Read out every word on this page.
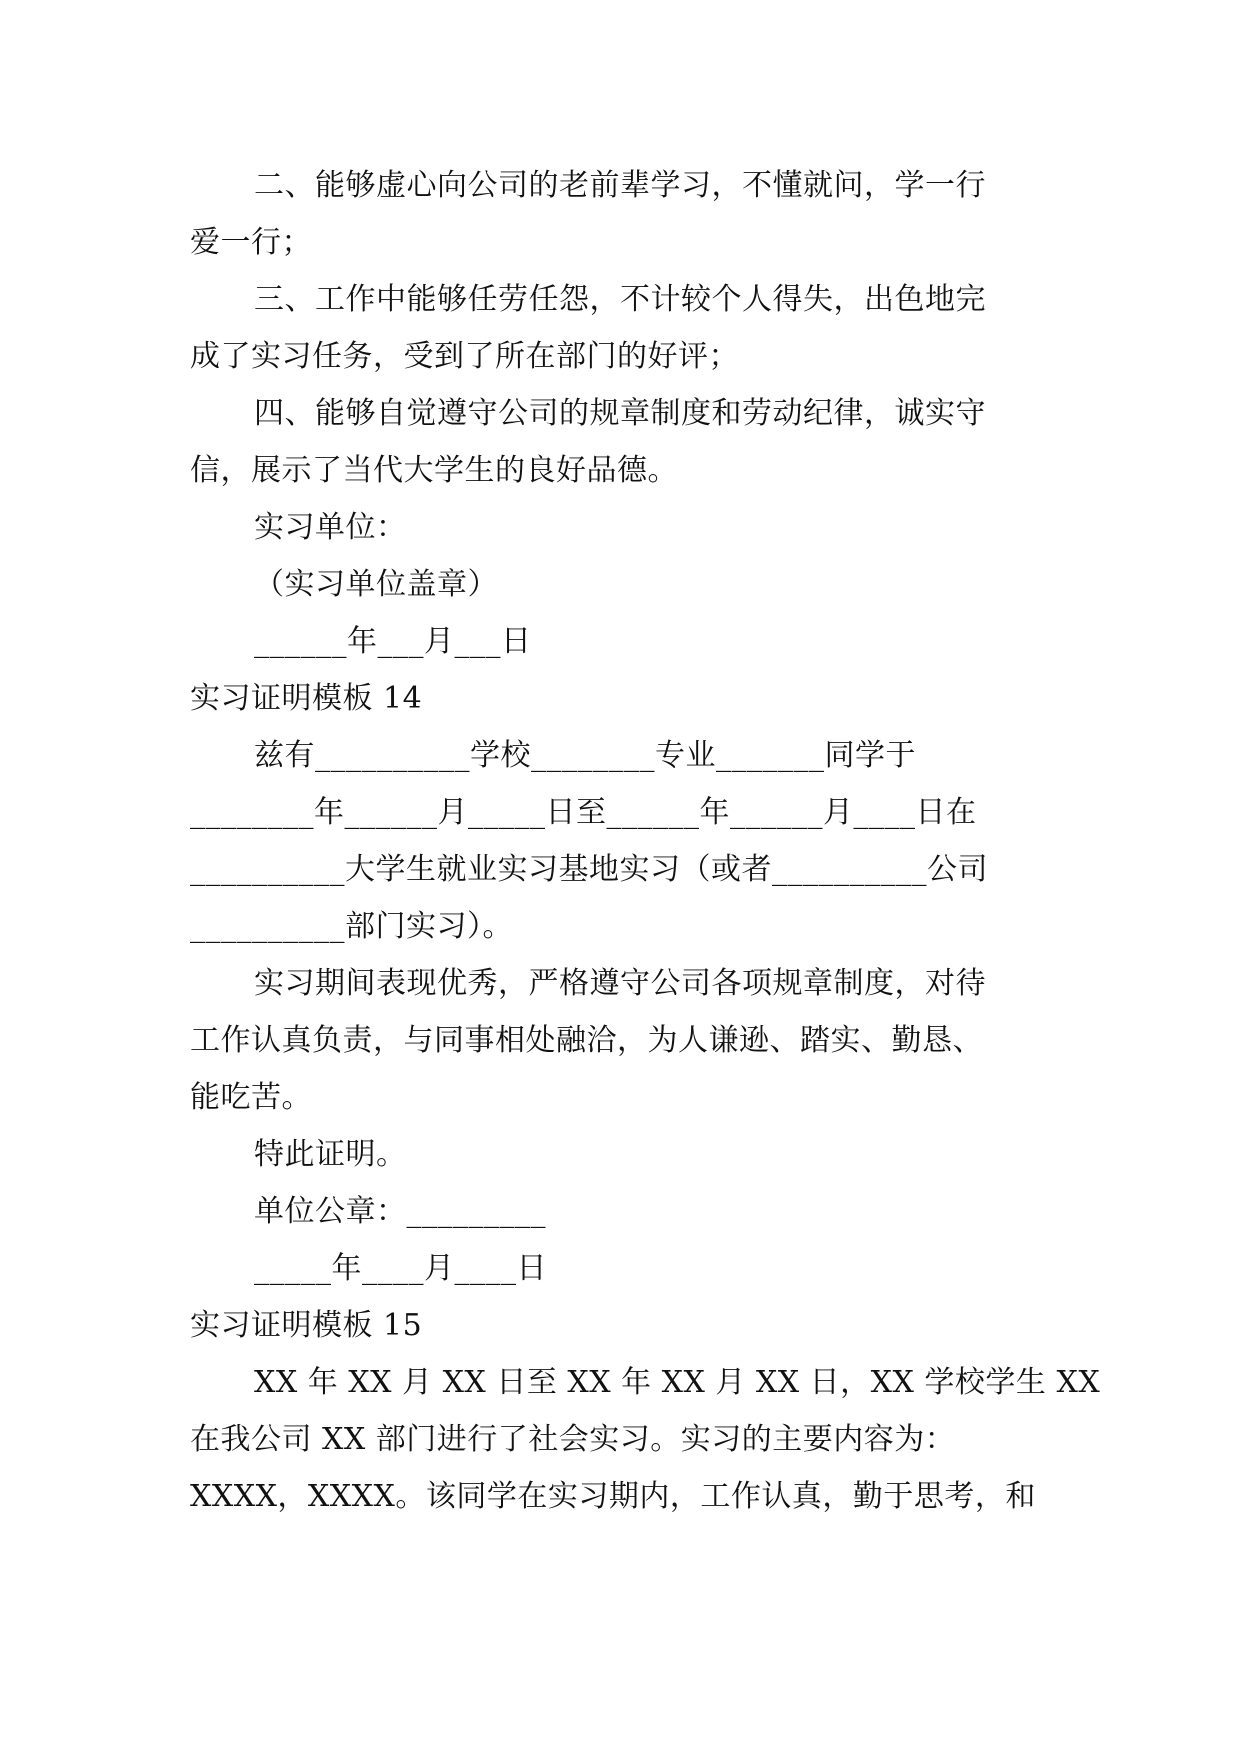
二、能够虚心向公司的老前辈学习，不懂就问，学一行
爱一行；
三、工作中能够任劳任怨，不计较个人得失，出色地完
成了实习任务，受到了所在部门的好评；
四、能够自觉遵守公司的规章制度和劳动纪律，诚实守
信，展示了当代大学生的良好品德。
实习单位：
（实习单位盖章）
______年___月___日
实习证明模板 14
兹有__________学校________专业_______同学于
________年______月_____日至______年______月____日在
__________大学生就业实习基地实习（或者__________公司
__________部门实习）。
实习期间表现优秀，严格遵守公司各项规章制度，对待
工作认真负责，与同事相处融洽，为人谦逊、踏实、勤恳、
能吃苦。
特此证明。
单位公章：_________
_____年____月____日
实习证明模板 15
XX 年 XX 月 XX 日至 XX 年 XX 月 XX 日，XX 学校学生 XX
在我公司 XX 部门进行了社会实习。实习的主要内容为：
XXXX，XXXX。该同学在实习期内，工作认真，勤于思考，和
